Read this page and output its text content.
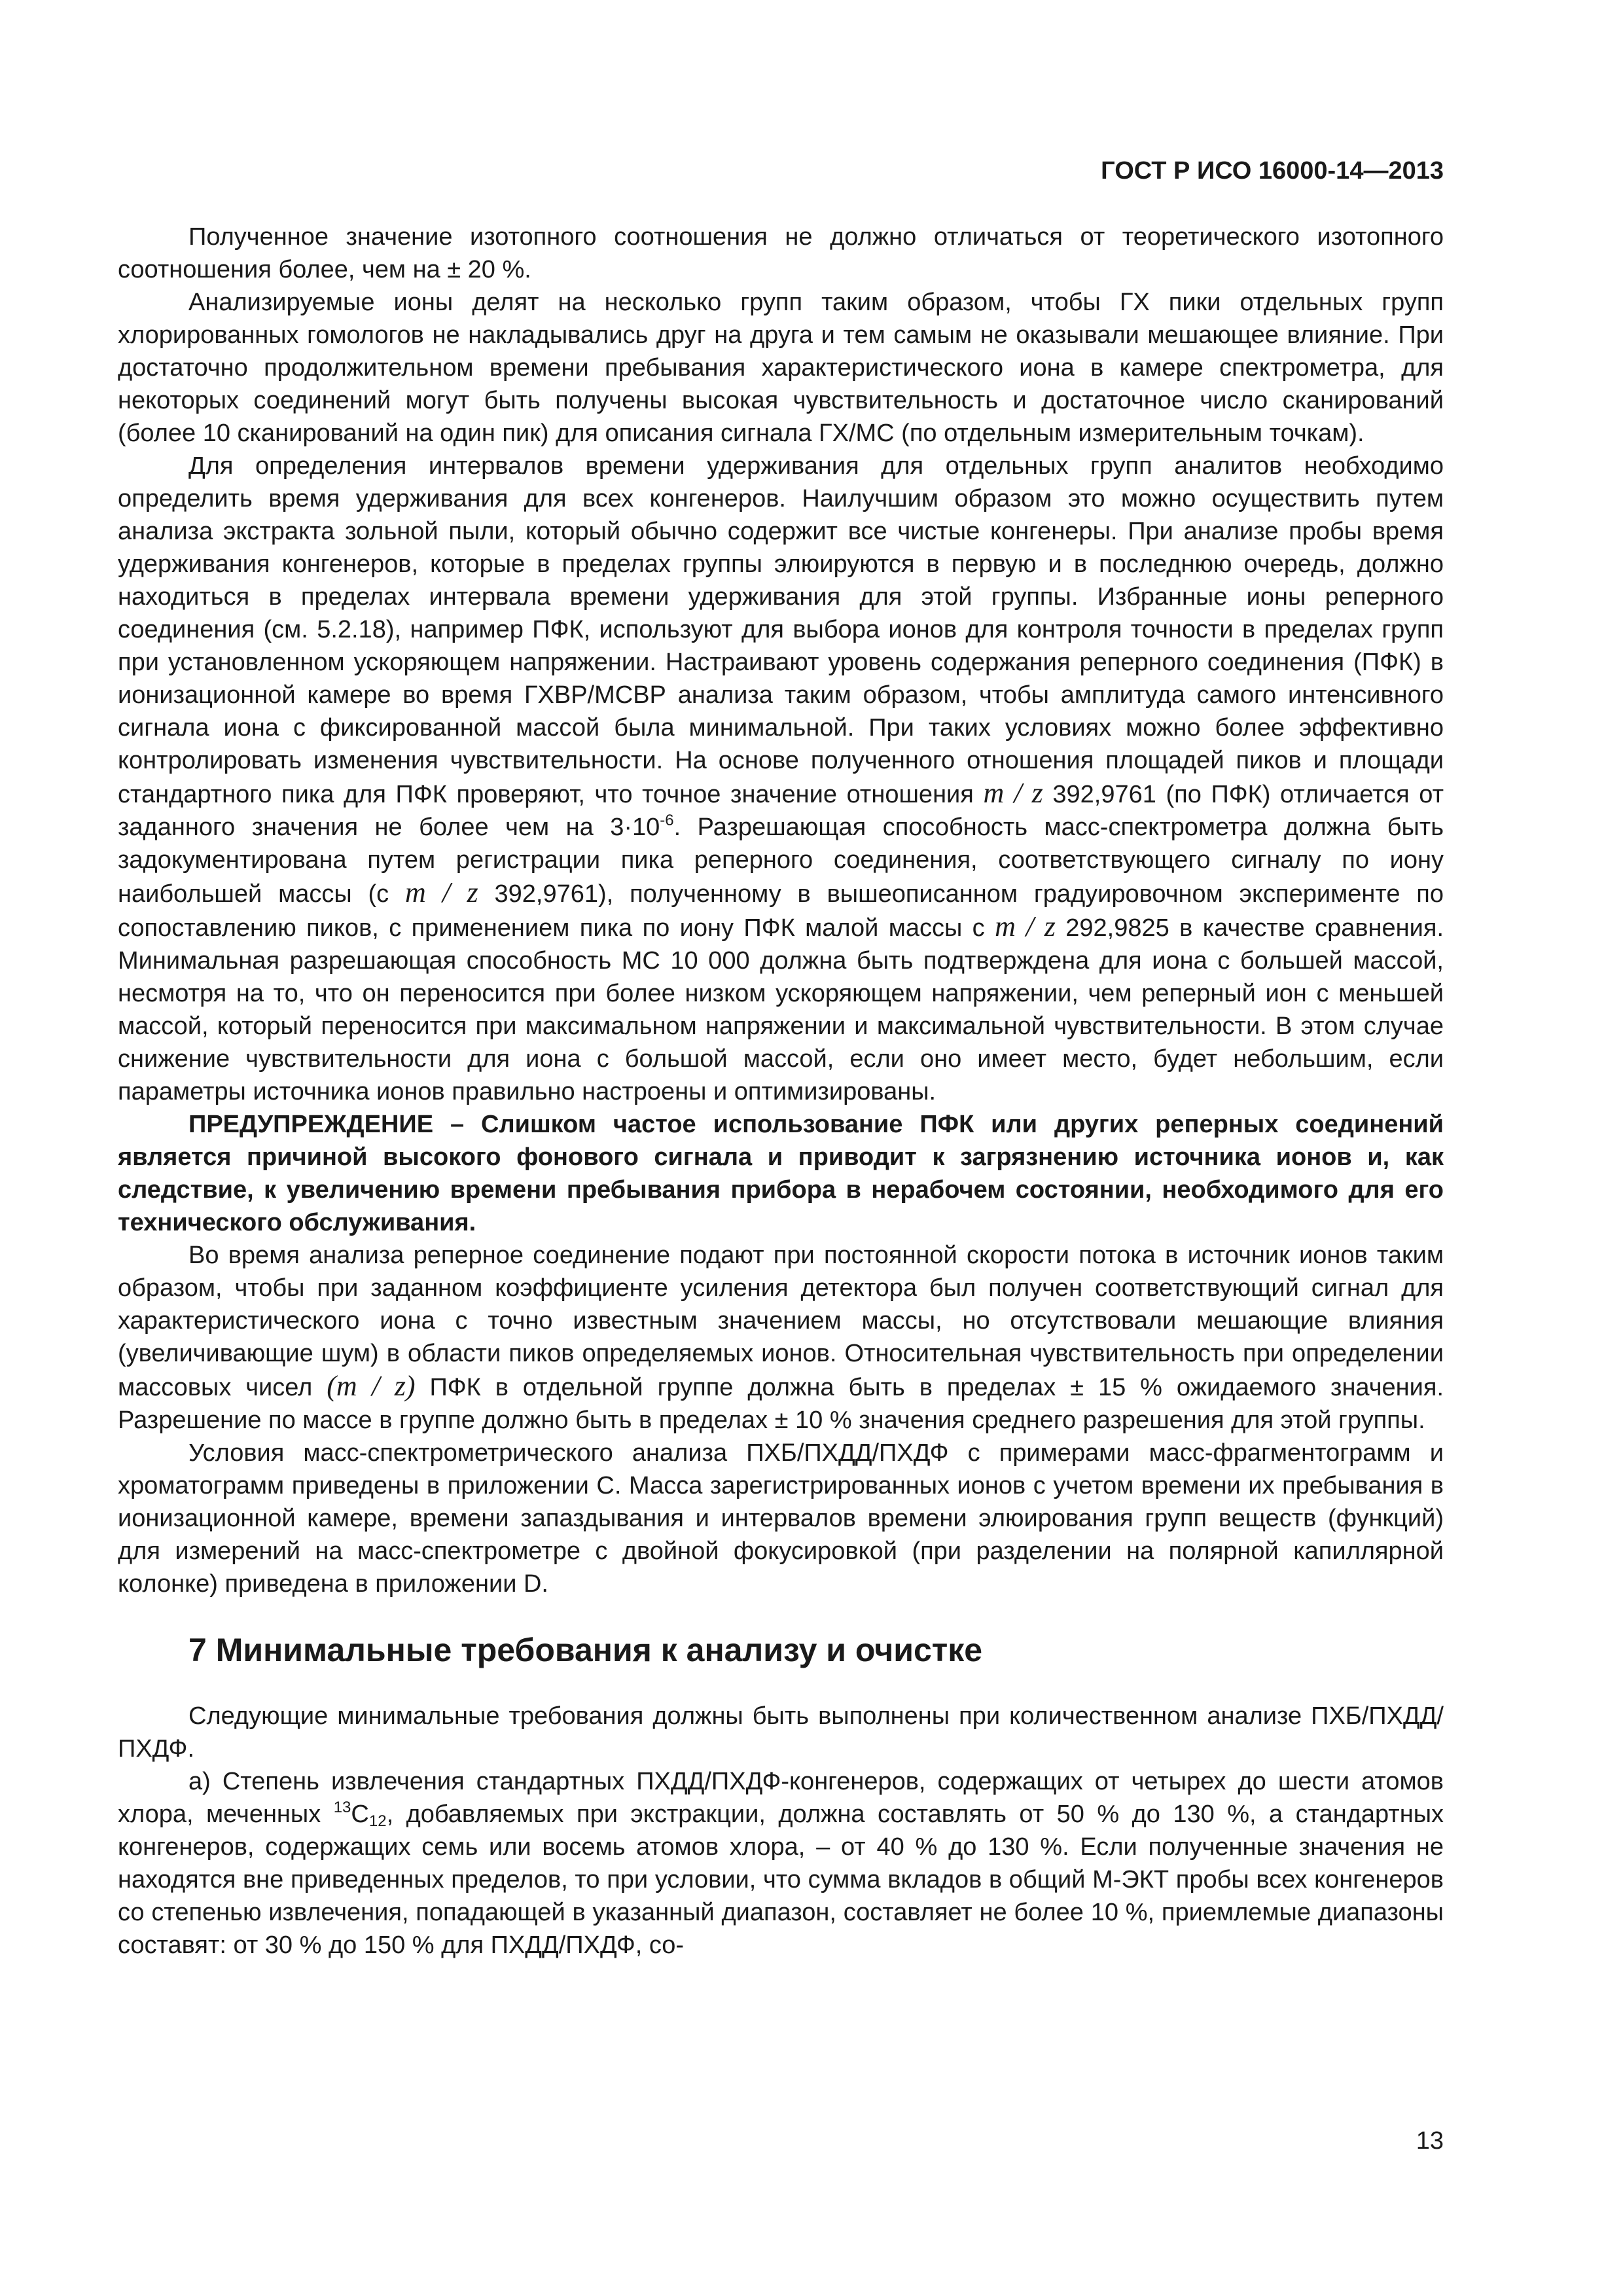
ГОСТ Р ИСО 16000-14—2013

Полученное значение изотопного соотношения не должно отличаться от теоретического изотопного соотношения более, чем на ± 20 %.

Анализируемые ионы делят на несколько групп таким образом, чтобы ГХ пики отдельных групп хлорированных гомологов не накладывались друг на друга и тем самым не оказывали мешающее влияние. При достаточно продолжительном времени пребывания характеристического иона в камере спектрометра, для некоторых соединений могут быть получены высокая чувствительность и достаточное число сканирований (более 10 сканирований на один пик) для описания сигнала ГХ/МС (по отдельным измерительным точкам).

Для определения интервалов времени удерживания для отдельных групп аналитов необходимо определить время удерживания для всех конгенеров. Наилучшим образом это можно осуществить путем анализа экстракта зольной пыли, который обычно содержит все чистые конгенеры. При анализе пробы время удерживания конгенеров, которые в пределах группы элюируются в первую и в последнюю очередь, должно находиться в пределах интервала времени удерживания для этой группы. Избранные ионы реперного соединения (см. 5.2.18), например ПФК, используют для выбора ионов для контроля точности в пределах групп при установленном ускоряющем напряжении. Настраивают уровень содержания реперного соединения (ПФК) в ионизационной камере во время ГХВР/МСВР анализа таким образом, чтобы амплитуда самого интенсивного сигнала иона с фиксированной массой была минимальной. При таких условиях можно более эффективно контролировать изменения чувствительности. На основе полученного отношения площадей пиков и площади стандартного пика для ПФК проверяют, что точное значение отношения m / z 392,9761 (по ПФК) отличается от заданного значения не более чем на $3\cdot 10^{-6}$. Разрешающая способность масс-спектрометра должна быть задокументирована путем регистрации пика реперного соединения, соответствующего сигналу по иону наибольшей массы (с m / z 392,9761), полученному в вышеописанном градуировочном эксперименте по сопоставлению пиков, с применением пика по иону ПФК малой массы с m / z 292,9825 в качестве сравнения. Минимальная разрешающая способность МС 10 000 должна быть подтверждена для иона с большей массой, несмотря на то, что он переносится при более низком ускоряющем напряжении, чем реперный ион с меньшей массой, который переносится при максимальном напряжении и максимальной чувствительности. В этом случае снижение чувствительности для иона с большой массой, если оно имеет место, будет небольшим, если параметры источника ионов правильно настроены и оптимизированы.

ПРЕДУПРЕЖДЕНИЕ – Слишком частое использование ПФК или других реперных соединений является причиной высокого фонового сигнала и приводит к загрязнению источника ионов и, как следствие, к увеличению времени пребывания прибора в нерабочем состоянии, необходимого для его технического обслуживания.

Во время анализа реперное соединение подают при постоянной скорости потока в источник ионов таким образом, чтобы при заданном коэффициенте усиления детектора был получен соответствующий сигнал для характеристического иона с точно известным значением массы, но отсутствовали мешающие влияния (увеличивающие шум) в области пиков определяемых ионов. Относительная чувствительность при определении массовых чисел (m / z) ПФК в отдельной группе должна быть в пределах ± 15 % ожидаемого значения. Разрешение по массе в группе должно быть в пределах ± 10 % значения среднего разрешения для этой группы.

Условия масс-спектрометрического анализа ПХБ/ПХДД/ПХДФ с примерами масс-фрагментограмм и хроматограмм приведены в приложении С. Масса зарегистрированных ионов с учетом времени их пребывания в ионизационной камере, времени запаздывания и интервалов времени элюирования групп веществ (функций) для измерений на масс-спектрометре с двойной фокусировкой (при разделении на полярной капиллярной колонке) приведена в приложении D.

7 Минимальные требования к анализу и очистке

Следующие минимальные требования должны быть выполнены при количественном анализе ПХБ/ПХДД/ПХДФ.

а) Степень извлечения стандартных ПХДД/ПХДФ-конгенеров, содержащих от четырех до шести атомов хлора, меченных $^{13}$C12, добавляемых при экстракции, должна составлять от 50 % до 130 %, а стандартных конгенеров, содержащих семь или восемь атомов хлора, – от 40 % до 130 %. Если полученные значения не находятся вне приведенных пределов, то при условии, что сумма вкладов в общий М-ЭКТ пробы всех конгенеров со степенью извлечения, попадающей в указанный диапазон, составляет не более 10 %, приемлемые диапазоны составят: от 30 % до 150 % для ПХДД/ПХДФ, со-

13
